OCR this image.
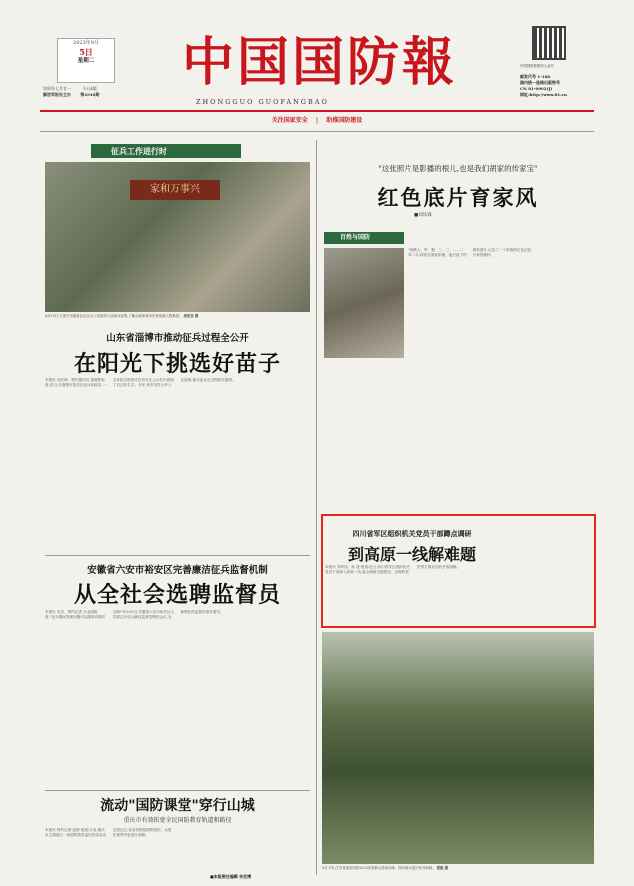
2023年9月
5日
星期二
癸卯年七月廿一	今日4版
解放军报社主办 第4948期
中国国防報
ZHONGGUO GUOFANGBAO
中国国防报微信公众号
邮发代号 1-188
国内统一连续出版物号
CN 81-0002(J)
网址:http://www.81.cn
关注国家安全 | 助推国防建设
征兵工作进行时
家和万事兴
8月25日,石家庄市鹿泉区征兵办公室组织入伍新兵参观,了解当地革命历史和英雄人物事迹。 周恋恋 摄
山东省淄博市推动征兵过程全公开
在阳光下挑选好苗子
本报讯 刘长海、特约通讯员 周德栋报道:近日,在淄博市张店区征兵体检站,一名体检合格的应征青年在公示栏中看到了自己的名字。今年,该市坚持公开公正原则,推动征兵全过程阳光透明。
安徽省六安市裕安区完善廉洁征兵监督机制
从全社会选聘监督员
本报讯 吴亮、特约记者 佘金国报道:"征兵期间发现问题可以随时向我们反映!"8月30日,安徽省六安市裕安区人武部召开征兵廉洁监督员聘任会议,为新聘任的监督员颁发聘书。
流动"国防课堂"穿行山城
重庆市有效拓宽全民国防教育轨道和路径
本报讯 特约记者 赵锦 报道:日前,重庆市主城某区一场国防教育巡回宣讲活动走进社区,宣讲员围绕国防知识、兵役法规等内容进行讲解。
■本版责任编辑 朱宏博
"这张照片是影播的根儿,也是我们胡家的传家宝"
红色底片育家风
■刘乐锋
百姓与国防
"西路人、军、聚、三、三、……二零二年,叔叔在胡家影楼。他们留下的胡家照片,记录了一个家族的红色记忆与家国情怀。
四川省军区组织机关党员干部蹲点调研
到高原一线解难题
本报讯 刘军伟、孙 建 报道:近日,四川省军区组织机关党员干部深入高原一线,重点调研全面建设、边海防管控等方面存在的矛盾困难。
9月下旬,江苏省某县组织2023年度新兵役前训练。图为新兵进行队列训练。 程振 摄
